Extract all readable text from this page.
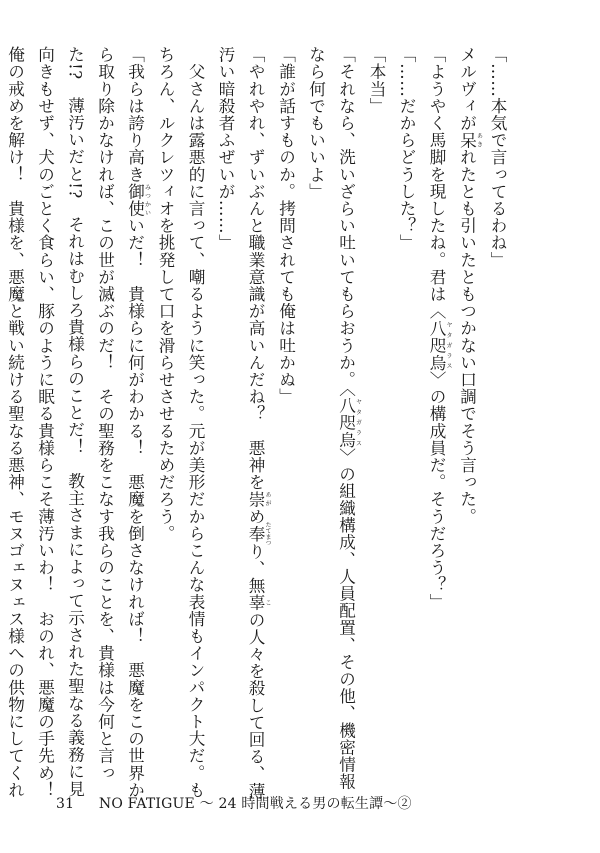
「……本気で言ってるわね」
メルヴィが呆 あきれたとも引いたともつかない口調でそう言った。
「ようやく馬脚を現したね。君は〈八咫烏 ヤタガラス〉の構成員だ。そうだろう？」
「……だからどうした？」
「本当」
「それなら、洗いざらい吐いてもらおうか。〈八咫烏 ヤタガラス〉の組織構成、人員配置、その他、機密情報
なら何でもいいよ」
「誰が話すものか。拷問されても俺は吐かぬ」
「やれやれ、ずいぶんと職業意識が高いんだね？　悪神を崇 あがめ奉 たてまつり、無辜 この人々を殺して回る、薄
汚い暗殺者ふぜいが……」
　父さんは露悪的に言って、嘲るように笑った。元が美形だからこんな表情もインパクト大だ。も
ちろん、ルクレツィオを挑発して口を滑らせさせるためだろう。
「我らは誇り高き御使 みつかいいだ！　貴様らに何がわかる！　悪魔を倒さなければ！　悪魔をこの世界か
ら取り除かなければ、この世が滅ぶのだ！　その聖務をこなす我らのことを、貴様は今何と言っ
た!?　薄汚いだと!?　それはむしろ貴様らのことだ！　教主さまによって示された聖なる義務に見
向きもせず、犬のごとく食らい、豚のように眠る貴様らこそ薄汚いわ！　おのれ、悪魔の手先め！
俺の戒めを解け！　貴様を、悪魔と戦い続ける聖なる悪神、モヌゴェヌェス様への供物にしてくれ
31 NO FATIGUE ～ 24 時間戦える男の転生譚～②
